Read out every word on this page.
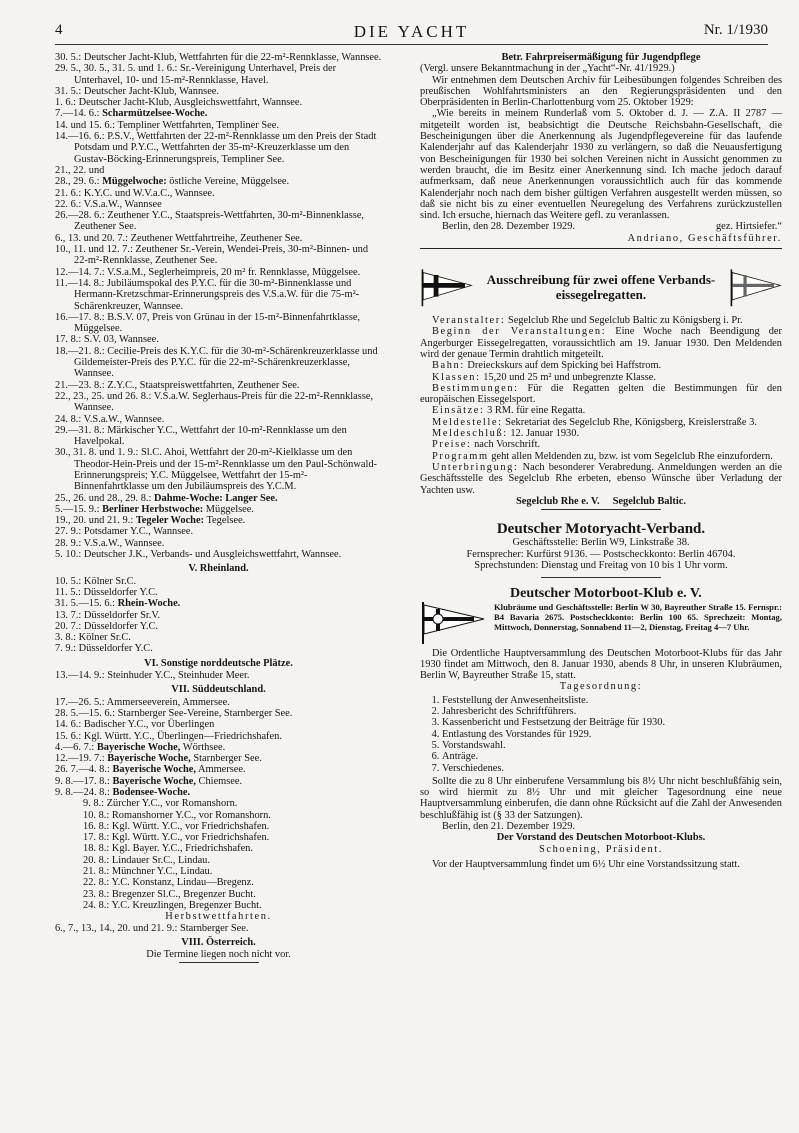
4	DIE YACHT	Nr. 1/1930
30. 5.: Deutscher Jacht-Klub, Wettfahrten für die 22-m²-Rennklasse, Wannsee.
29. 5., 30. 5., 31. 5. und 1. 6.: Sr.-Vereinigung Unterhavel, Preis der Unterhavel, 10- und 15-m²-Rennklasse, Havel.
31. 5.: Deutscher Jacht-Klub, Wannsee.
1. 6.: Deutscher Jacht-Klub, Ausgleichswettfahrt, Wannsee.
7.—14. 6.: Scharmützelsee-Woche.
14. und 15. 6.: Templiner Wettfahrten, Templiner See.
14.—16. 6.: P.S.V., Wettfahrten der 22-m²-Rennklasse um den Preis der Stadt Potsdam und P.Y.C., Wettfahrten der 35-m²-Kreuzerklasse um den Gustav-Böcking-Erinnerungspreis, Templiner See.
21., 22. und
28., 29. 6.: Müggelwoche: östliche Vereine, Müggelsee.
21. 6.: K.Y.C. und W.V.a.C., Wannsee.
22. 6.: V.S.a.W., Wannsee
26.—28. 6.: Zeuthener Y.C., Staatspreis-Wettfahrten, 30-m²-Binnenklasse, Zeuthener See.
6., 13. und 20. 7.: Zeuthener Wettfahrtreihe, Zeuthener See.
10., 11. und 12. 7.: Zeuthener Sr.-Verein, Wendei-Preis, 30-m²-Binnen- und 22-m²-Rennklasse, Zeuthener See.
12.—14. 7.: V.S.a.M., Seglerheimpreis, 20 m² fr. Rennklasse, Müggelsee.
11.—14. 8.: Jubiläumspokal des P.Y.C. für die 30-m²-Binnenklasse und Hermann-Kretzschmar-Erinnerungspreis des V.S.a.W. für die 75-m²-Schärenkreuzer, Wannsee.
16.—17. 8.: B.S.V. 07, Preis von Grünau in der 15-m²-Binnenfahrtklasse, Müggelsee.
17. 8.: S.V. 03, Wannsee.
18.—21. 8.: Cecilie-Preis des K.Y.C. für die 30-m²-Schärenkreuzerklasse und Gildemeister-Preis des P.Y.C. für die 22-m²-Schärenkreuzerklasse, Wannsee.
21.—23. 8.: Z.Y.C., Staatspreiswettfahrten, Zeuthener See.
22., 23., 25. und 26. 8.: V.S.a.W. Seglerhaus-Preis für die 22-m²-Rennklasse, Wannsee.
24. 8.: V.S.a.W., Wannsee.
29.—31. 8.: Märkischer Y.C., Wettfahrt der 10-m²-Rennklasse um den Havelpokal.
30., 31. 8. und 1. 9.: Sl.C. Ahoi, Wettfahrt der 20-m²-Kielklasse um den Theodor-Hein-Preis und der 15-m²-Rennklasse um den Paul-Schönwald-Erinnerungspreis; Y.C. Müggelsee, Wettfahrt der 15-m²-Binnenfahrtklasse um den Jubiläumspreis des Y.C.M.
25., 26. und 28., 29. 8.: Dahme-Woche: Langer See.
5.—15. 9.: Berliner Herbstwoche: Müggelsee.
19., 20. und 21. 9.: Tegeler Woche: Tegelsee.
27. 9.: Potsdamer Y.C., Wannsee.
28. 9.: V.S.a.W., Wannsee.
5. 10.: Deutscher J.K., Verbands- und Ausgleichswettfahrt, Wannsee.
V. Rheinland.
10. 5.: Kölner Sr.C.
11. 5.: Düsseldorfer Y.C.
31. 5.—15. 6.: Rhein-Woche.
13. 7.: Düsseldorfer Sr.V.
20. 7.: Düsseldorfer Y.C.
3. 8.: Kölner Sr.C.
7. 9.: Düsseldorfer Y.C.
VI. Sonstige norddeutsche Plätze.
13.—14. 9.: Steinhuder Y.C., Steinhuder Meer.
VII. Süddeutschland.
17.—26. 5.: Ammerseeverein, Ammersee.
28. 5.—15. 6.: Starnberger See-Vereine, Starnberger See.
14. 6.: Badischer Y.C., vor Überlingen
15. 6.: Kgl. Württ. Y.C., Überlingen—Friedrichshafen.
4.—6. 7.: Bayerische Woche, Wörthsee.
12.—19. 7.: Bayerische Woche, Starnberger See.
26. 7.—4. 8.: Bayerische Woche, Ammersee.
9. 8.—17. 8.: Bayerische Woche, Chiemsee.
9. 8.—24. 8.: Bodensee-Woche.
9. 8.: Zürcher Y.C., vor Romanshorn.
10. 8.: Romanshorner Y.C., vor Romanshorn.
16. 8.: Kgl. Württ. Y.C., vor Friedrichshafen.
17. 8.: Kgl. Württ. Y.C., vor Friedrichshafen.
18. 8.: Kgl. Bayer. Y.C., Friedrichshafen.
20. 8.: Lindauer Sr.C., Lindau.
21. 8.: Münchner Y.C., Lindau.
22. 8.: Y.C. Konstanz, Lindau—Bregenz.
23. 8.: Bregenzer Sl.C., Bregenzer Bucht.
24. 8.: Y.C. Kreuzlingen, Bregenzer Bucht.
Herbstwettfahrten.
6., 7., 13., 14., 20. und 21. 9.: Starnberger See.
VIII. Österreich.
Die Termine liegen noch nicht vor.
Betr. Fahrpreisermäßigung für Jugendpflege
(Vergl. unsere Bekanntmachung in der „Yacht“-Nr. 41/1929.)
Wir entnehmen dem Deutschen Archiv für Leibesübungen folgendes Schreiben des preußischen Wohlfahrtsministers an den Regierungspräsidenten und den Oberpräsidenten in Berlin-Charlottenburg vom 25. Oktober 1929:
„Wie bereits in meinem Runderlaß vom 5. Oktober d. J. — Z.A. II 2787 — mitgeteilt worden ist, beabsichtigt die Deutsche Reichsbahn-Gesellschaft, die Bescheinigungen über die Anerkennung als Jugendpflegevereine für das laufende Kalenderjahr auf das Kalenderjahr 1930 zu verlängern, so daß die Neuausfertigung von Bescheinigungen für 1930 bei solchen Vereinen nicht in Aussicht genommen zu werden braucht, die im Besitz einer Anerkennung sind. Ich mache jedoch darauf aufmerksam, daß neue Anerkennungen voraussichtlich auch für das kommende Kalenderjahr noch nach dem bisher gültigen Verfahren ausgestellt werden müssen, so daß sie nicht bis zu einer eventuellen Neuregelung des Verfahrens zurückzustellen sind. Ich ersuche, hiernach das Weitere gefl. zu veranlassen.
Berlin, den 28. Dezember 1929.	gez. Hirtsiefer.“
Andriano, Geschäftsführer.
Ausschreibung für zwei offene Verbands-eissegelregatten.
Veranstalter: Segelclub Rhe und Segelclub Baltic zu Königsberg i. Pr.
Beginn der Veranstaltungen: Eine Woche nach Beendigung der Angerburger Eissegelregatten, voraussichtlich am 19. Januar 1930. Den Meldenden wird der genaue Termin drahtlich mitgeteilt.
Bahn: Dreieckskurs auf dem Spicking bei Haffstrom.
Klassen: 15,20 und 25 m² und unbegrenzte Klasse.
Bestimmungen: Für die Regatten gelten die Bestimmungen für den europäischen Eissegelsport.
Einsätze: 3 RM. für eine Regatta.
Meldestelle: Sekretariat des Segelclub Rhe, Königsberg, Kreislerstraße 3.
Meldeschluß: 12. Januar 1930.
Preise: nach Vorschrift.
Programm geht allen Meldenden zu, bzw. ist vom Segelclub Rhe einzufordern.
Unterbringung: Nach besonderer Verabredung. Anmeldungen werden an die Geschäftsstelle des Segelclub Rhe erbeten, ebenso Wünsche über Verladung der Yachten usw.
Segelclub Rhe e. V.     Segelclub Baltic.
Deutscher Motoryacht-Verband.
Geschäftsstelle: Berlin W9, Linkstraße 38.
Fernsprecher: Kurfürst 9136. — Postscheckkonto: Berlin 46704.
Sprechstunden: Dienstag und Freitag von 10 bis 1 Uhr vorm.
Deutscher Motorboot-Klub e. V.
Klubräume und Geschäftsstelle: Berlin W 30, Bayreuther Straße 15. Fernspr.: B4 Bavaria 2675. Postscheckkonto: Berlin 100 65. Sprechzeit: Montag, Mittwoch, Donnerstag, Sonnabend 11—2, Dienstag, Freitag 4—7 Uhr.
Die Ordentliche Hauptversammlung des Deutschen Motorboot-Klubs für das Jahr 1930 findet am Mittwoch, den 8. Januar 1930, abends 8 Uhr, in unseren Klubräumen, Berlin W, Bayreuther Straße 15, statt.
Tagesordnung:
1. Feststellung der Anwesenheitsliste.
2. Jahresbericht des Schriftführers.
3. Kassenbericht und Festsetzung der Beiträge für 1930.
4. Entlastung des Vorstandes für 1929.
5. Vorstandswahl.
6. Anträge.
7. Verschiedenes.
Sollte die zu 8 Uhr einberufene Versammlung bis 8½ Uhr nicht beschlußfähig sein, so wird hiermit zu 8½ Uhr und mit gleicher Tagesordnung eine neue Hauptversammlung einberufen, die dann ohne Rücksicht auf die Zahl der Anwesenden beschlußfähig ist (§ 33 der Satzungen).
Berlin, den 21. Dezember 1929.
Der Vorstand des Deutschen Motorboot-Klubs.
Schoening, Präsident.
Vor der Hauptversammlung findet um 6½ Uhr eine Vorstandssitzung statt.
